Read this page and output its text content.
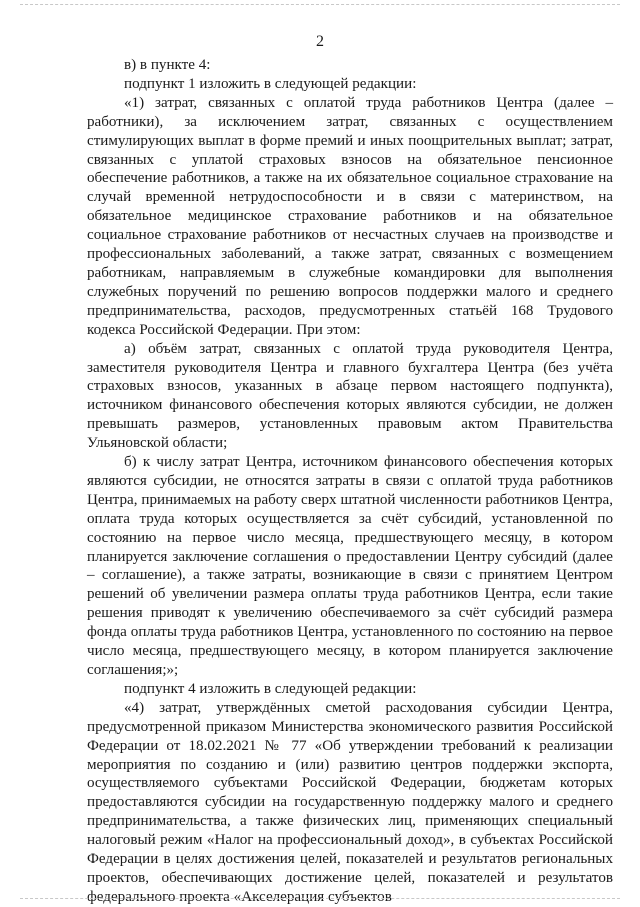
2

в) в пункте 4:

подпункт 1 изложить в следующей редакции:

«1) затрат, связанных с оплатой труда работников Центра (далее – работники), за исключением затрат, связанных с осуществлением стимулирующих выплат в форме премий и иных поощрительных выплат; затрат, связанных с уплатой страховых взносов на обязательное пенсионное обеспечение работников, а также на их обязательное социальное страхование на случай временной нетрудоспособности и в связи с материнством, на обязательное медицинское страхование работников и на обязательное социальное страхование работников от несчастных случаев на производстве и профессиональных заболеваний, а также затрат, связанных с возмещением работникам, направляемым в служебные командировки для выполнения служебных поручений по решению вопросов поддержки малого и среднего предпринимательства, расходов, предусмотренных статьёй 168 Трудового кодекса Российской Федерации. При этом:

а) объём затрат, связанных с оплатой труда руководителя Центра, заместителя руководителя Центра и главного бухгалтера Центра (без учёта страховых взносов, указанных в абзаце первом настоящего подпункта), источником финансового обеспечения которых являются субсидии, не должен превышать размеров, установленных правовым актом Правительства Ульяновской области;

б) к числу затрат Центра, источником финансового обеспечения которых являются субсидии, не относятся затраты в связи с оплатой труда работников Центра, принимаемых на работу сверх штатной численности работников Центра, оплата труда которых осуществляется за счёт субсидий, установленной по состоянию на первое число месяца, предшествующего месяцу, в котором планируется заключение соглашения о предоставлении Центру субсидий (далее – соглашение), а также затраты, возникающие в связи с принятием Центром решений об увеличении размера оплаты труда работников Центра, если такие решения приводят к увеличению обеспечиваемого за счёт субсидий размера фонда оплаты труда работников Центра, установленного по состоянию на первое число месяца, предшествующего месяцу, в котором планируется заключение соглашения;»;

подпункт 4 изложить в следующей редакции:

«4) затрат, утверждённых сметой расходования субсидии Центра, предусмотренной приказом Министерства экономического развития Российской Федерации от 18.02.2021 № 77 «Об утверждении требований к реализации мероприятия по созданию и (или) развитию центров поддержки экспорта, осуществляемого субъектами Российской Федерации, бюджетам которых предоставляются субсидии на государственную поддержку малого и среднего предпринимательства, а также физических лиц, применяющих специальный налоговый режим «Налог на профессиональный доход», в субъектах Российской Федерации в целях достижения целей, показателей и результатов региональных проектов, обеспечивающих достижение целей, показателей и результатов федерального проекта «Акселерация субъектов
